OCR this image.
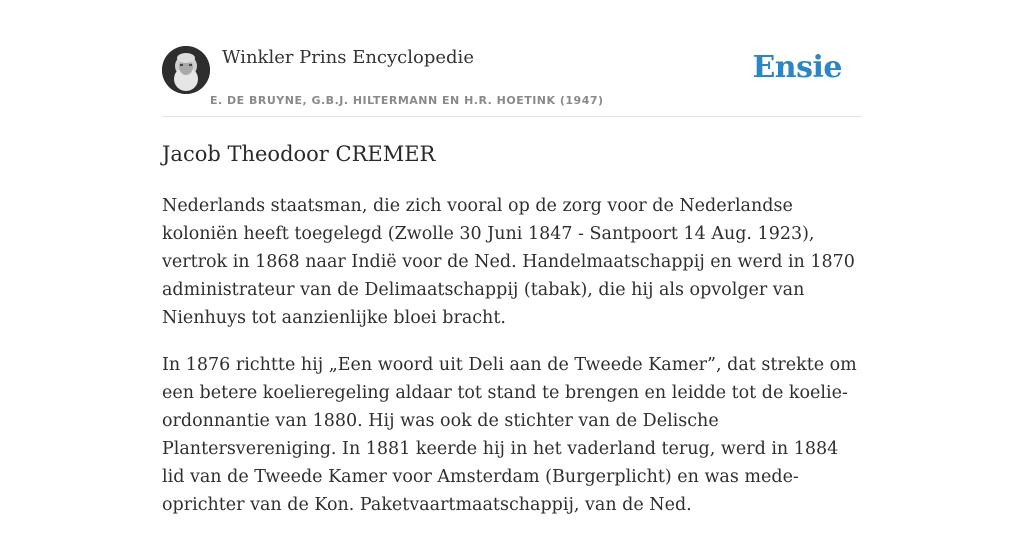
Winkler Prins Encyclopedie
E. DE BRUYNE, G.B.J. HILTERMANN EN H.R. HOETINK (1947)
Ensie
Jacob Theodoor CREMER

Nederlands staatsman, die zich vooral op de zorg voor de Nederlandse koloniën heeft toegelegd (Zwolle 30 Juni 1847 - Santpoort 14 Aug. 1923), vertrok in 1868 naar Indië voor de Ned. Handelmaatschappij en werd in 1870 administrateur van de Delimaatschappij (tabak), die hij als opvolger van Nienhuys tot aanzienlijke bloei bracht.

In 1876 richtte hij „Een woord uit Deli aan de Tweede Kamer”, dat strekte om een betere koelieregeling aldaar tot stand te brengen en leidde tot de koelie-ordonnantie van 1880. Hij was ook de stichter van de Delische Plantersvereniging. In 1881 keerde hij in het vaderland terug, werd in 1884 lid van de Tweede Kamer voor Amsterdam (Burgerplicht) en was mede-oprichter van de Kon. Paketvaartmaatschappij, van de Ned.
